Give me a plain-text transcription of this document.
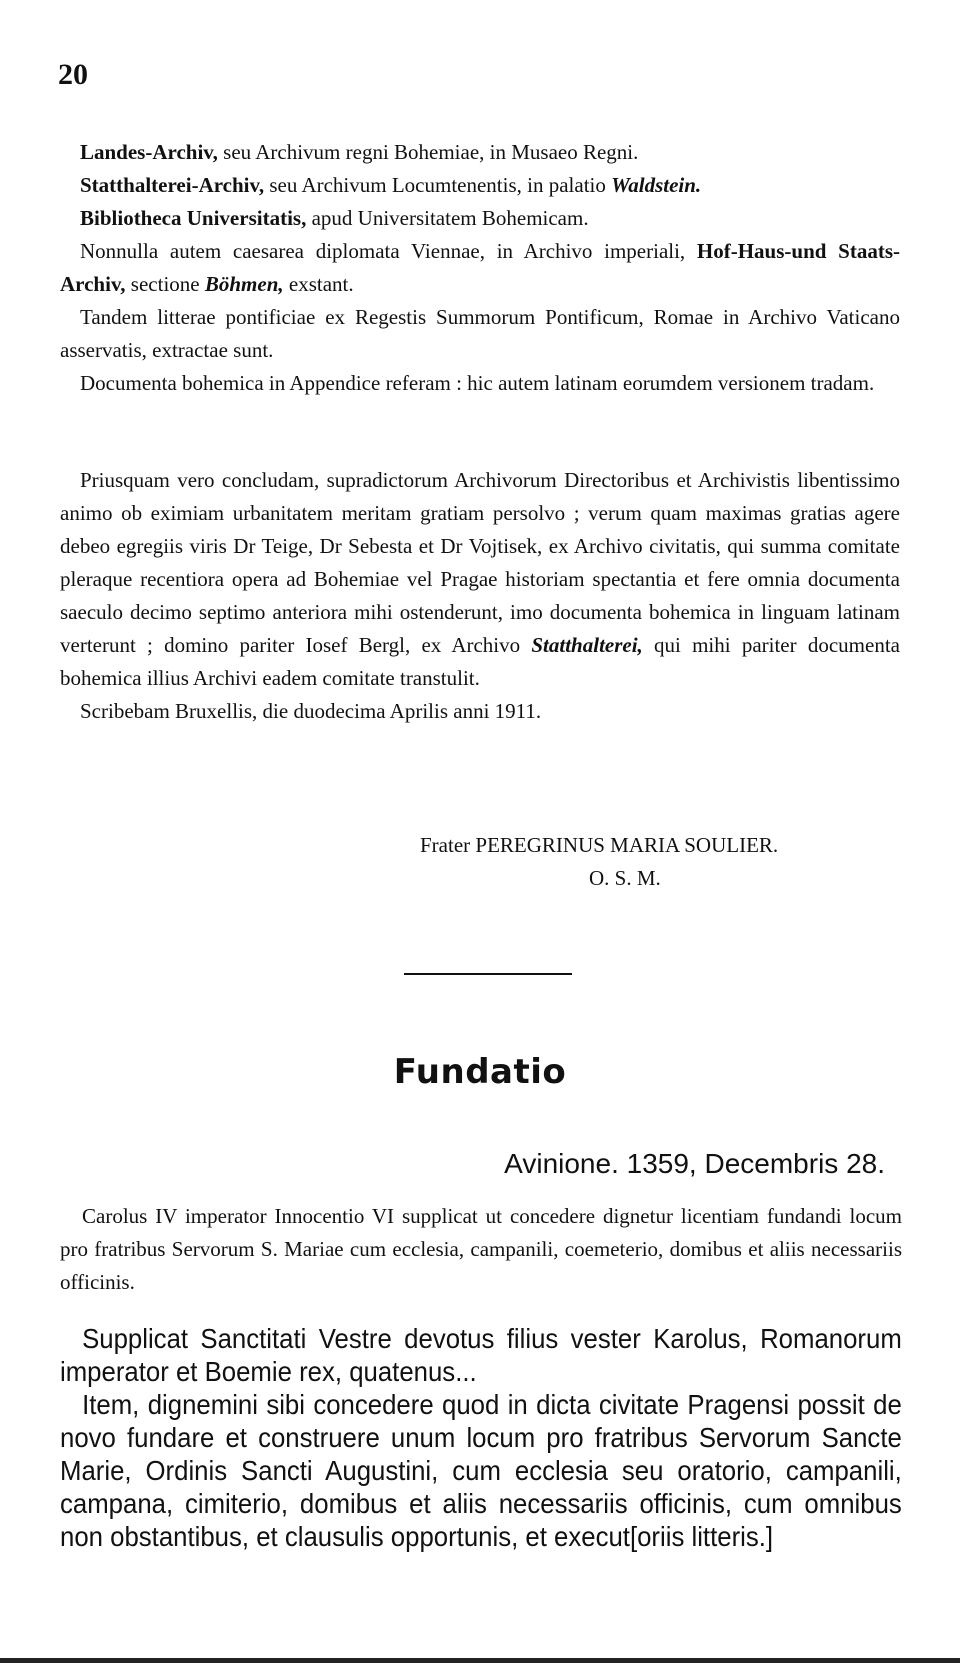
20

Landes-Archiv, seu Archivum regni Bohemiae, in Musaeo Regni.

Statthalterei-Archiv, seu Archivum Locumtenentis, in palatio Waldstein.

Bibliotheca Universitatis, apud Universitatem Bohemicam.

Nonnulla autem caesarea diplomata Viennae, in Archivo imperiali, Hof-Haus-und Staats-Archiv, sectione Böhmen, exstant.

Tandem litterae pontificiae ex Regestis Summorum Pontificum, Romae in Archivo Vaticano asservatis, extractae sunt.

Documenta bohemica in Appendice referam : hic autem latinam eorumdem versionem tradam.

Priusquam vero concludam, supradictorum Archivorum Directoribus et Archivistis libentissimo animo ob eximiam urbanitatem meritam gratiam persolvo ; verum quam maximas gratias agere debeo egregiis viris Dr Teige, Dr Sebesta et Dr Vojtisek, ex Archivo civitatis, qui summa comitate pleraque recentiora opera ad Bohemiae vel Pragae historiam spectantia et fere omnia documenta saeculo decimo septimo anteriora mihi ostenderunt, imo documenta bohemica in linguam latinam verterunt ; domino pariter Iosef Bergl, ex Archivo Statthalterei, qui mihi pariter documenta bohemica illius Archivi eadem comitate transtulit.

Scribebam Bruxellis, die duodecima Aprilis anni 1911.

Frater PEREGRINUS MARIA SOULIER.
O. S. M.
Fundatio
Avinione. 1359, Decembris 28.

Carolus IV imperator Innocentio VI supplicat ut concedere dignetur licentiam fundandi locum pro fratribus Servorum S. Mariae cum ecclesia, campanili, coemeterio, domibus et aliis necessariis officinis.

Supplicat Sanctitati Vestre devotus filius vester Karolus, Romanorum imperator et Boemie rex, quatenus...

Item, dignemini sibi concedere quod in dicta civitate Pragensi possit de novo fundare et construere unum locum pro fratribus Servorum Sancte Marie, Ordinis Sancti Augustini, cum ecclesia seu oratorio, campanili, campana, cimiterio, domibus et aliis necessariis officinis, cum omnibus non obstantibus, et clausulis opportunis, et execut[oriis litteris.]
